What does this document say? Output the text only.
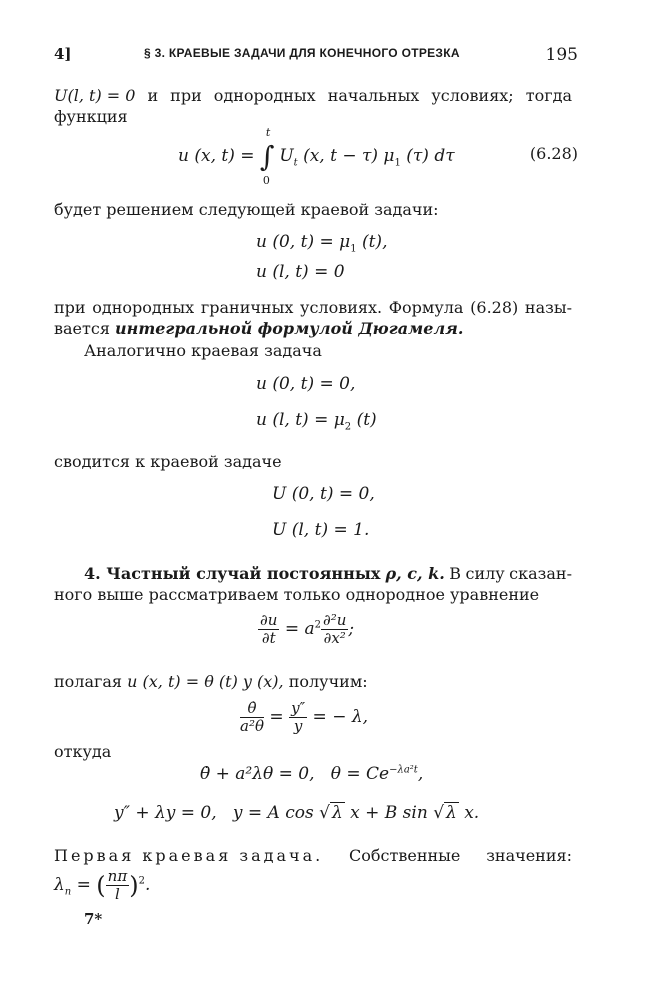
4]	§ 3. КРАЕВЫЕ ЗАДАЧИ ДЛЯ КОНЕЧНОГО ОТРЕЗКА	195
U(l, t) = 0 и при однородных начальных условиях; тогда
функция
u (x, t) = ∫
t
0
$U_t$ (x, t − τ) $\mu_1$ (τ) dτ	(6.28)
будет решением следующей краевой задачи:
u (0, $t) = \mu_1$ (t),
u (l, t) = 0
при однородных граничных условиях. Формула (6.28) назы-
вается интегральной формулой Дюгамеля.
Аналогично краевая задача
u (0, t) = 0,
u (l, $t) = \mu_2$ (t)
сводится к краевой задаче
U (0, t) = 0,
U (l, t) = 1.
4. Частный случай постоянных ρ, c, k. В силу сказан-
ного выше рассматриваем только однородное уравнение
$\frac{\partial u}{\partial t} = a^2 \frac{\text{∂²u}}{\text{∂x²}}$ ;
полагая u (x, t) = θ (t) y (x), получим:
$\frac{\thetȧ}{\text{a²θ}} = \frac{y''}{y}$ = − λ,
откуда
θ̇ + a²λθ = 0, $\theta = Ce^{-\lambda a^2t}$,
y″ + λy = 0, y = A cos √ λ x + B sin √ λ x.
Первая краевая задача. Собственные значения:
$\lambda_n$ = ( $\frac{n\pi}{l} )^2$.
7*
